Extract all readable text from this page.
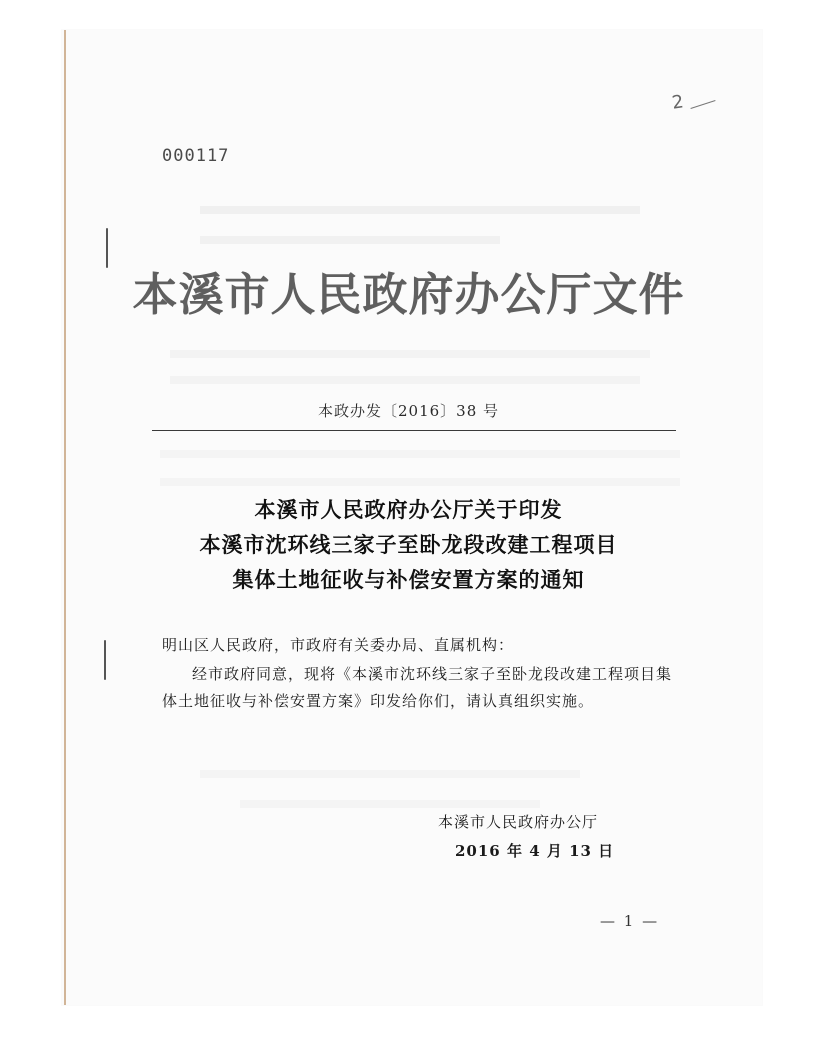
000117
2
本溪市人民政府办公厅文件
本政办发〔2016〕38 号
本溪市人民政府办公厅关于印发
本溪市沈环线三家子至卧龙段改建工程项目
集体土地征收与补偿安置方案的通知
明山区人民政府，市政府有关委办局、直属机构：
经市政府同意，现将《本溪市沈环线三家子至卧龙段改建工程项目集体土地征收与补偿安置方案》印发给你们，请认真组织实施。
本溪市人民政府办公厅
2016 年 4 月 13 日
— 1 —
